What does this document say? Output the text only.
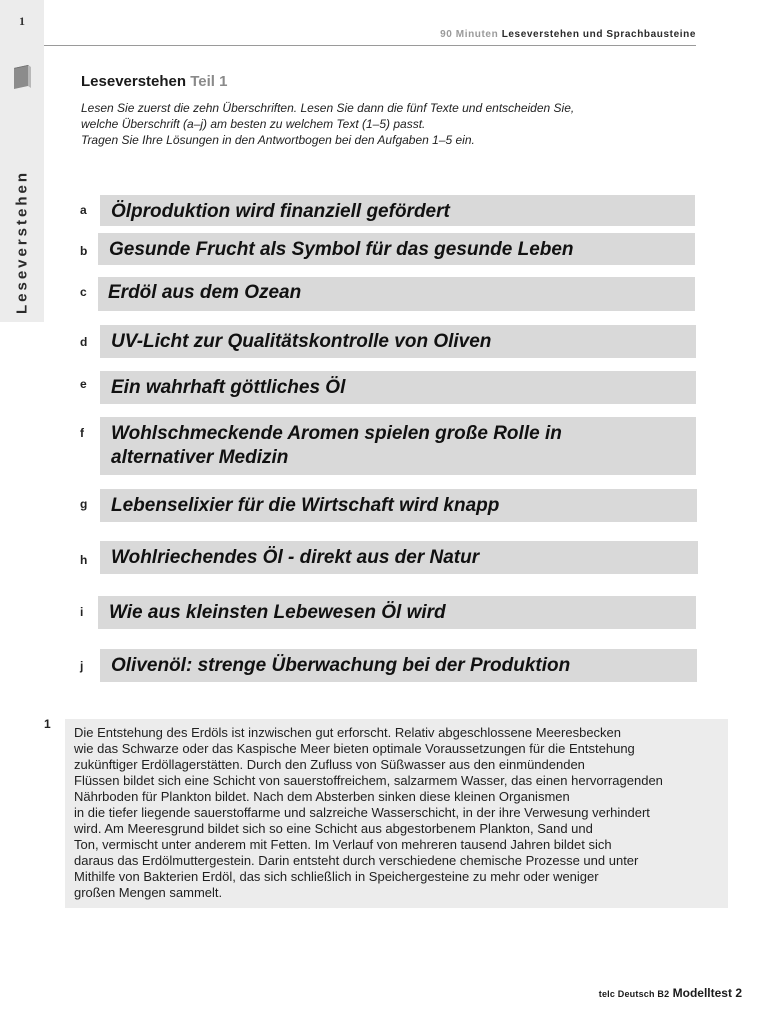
1
Leseverstehen
90 Minuten Leseverstehen und Sprachbausteine
Leseverstehen Teil 1
Lesen Sie zuerst die zehn Überschriften. Lesen Sie dann die fünf Texte und entscheiden Sie,
welche Überschrift (a–j) am besten zu welchem Text (1–5) passt.
Tragen Sie Ihre Lösungen in den Antwortbogen bei den Aufgaben 1–5 ein.
a Ölproduktion wird finanziell gefördert
b Gesunde Frucht als Symbol für das gesunde Leben
c Erdöl aus dem Ozean
d UV-Licht zur Qualitätskontrolle von Oliven
e Ein wahrhaft göttliches Öl
f Wohlschmeckende Aromen spielen große Rolle in
alternativer Medizin
g Lebenselixier für die Wirtschaft wird knapp
h Wohlriechendes Öl - direkt aus der Natur
i Wie aus kleinsten Lebewesen Öl wird
j Olivenöl: strenge Überwachung bei der Produktion
1
Die Entstehung des Erdöls ist inzwischen gut erforscht. Relativ abgeschlossene Meeresbecken
wie das Schwarze oder das Kaspische Meer bieten optimale Voraussetzungen für die Entstehung
zukünftiger Erdöllagerstätten. Durch den Zufluss von Süßwasser aus den einmündenden
Flüssen bildet sich eine Schicht von sauerstoffreichem, salzarmem Wasser, das einen hervorragenden
Nährboden für Plankton bildet. Nach dem Absterben sinken diese kleinen Organismen
in die tiefer liegende sauerstoffarme und salzreiche Wasserschicht, in der ihre Verwesung verhindert
wird. Am Meeresgrund bildet sich so eine Schicht aus abgestorbenem Plankton, Sand und
Ton, vermischt unter anderem mit Fetten. Im Verlauf von mehreren tausend Jahren bildet sich
daraus das Erdölmuttergestein. Darin entsteht durch verschiedene chemische Prozesse und unter
Mithilfe von Bakterien Erdöl, das sich schließlich in Speichergesteine zu mehr oder weniger
großen Mengen sammelt.
telc Deutsch B2 Modelltest 2
